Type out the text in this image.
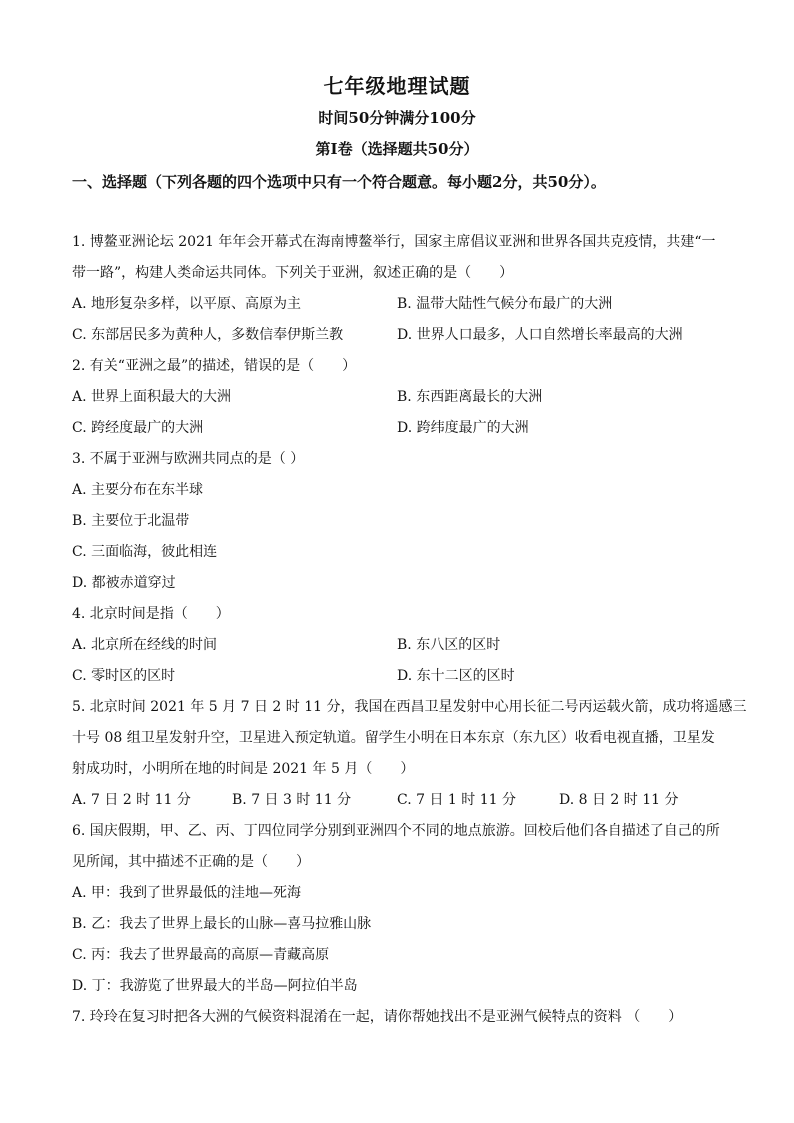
七年级地理试题
时间50分钟满分100分
第Ⅰ卷（选择题共50分）
一、选择题（下列各题的四个选项中只有一个符合题意。每小题2分，共50分）。
1. 博鳌亚洲论坛 2021 年年会开幕式在海南博鳌举行，国家主席倡议亚洲和世界各国共克疫情，共建“一
带一路”，构建人类命运共同体。下列关于亚洲，叙述正确的是（　　）
A. 地形复杂多样，以平原、高原为主	B. 温带大陆性气候分布最广的大洲
C. 东部居民多为黄种人，多数信奉伊斯兰教	D. 世界人口最多，人口自然增长率最高的大洲
2. 有关“亚洲之最”的描述，错误的是（　　）
A. 世界上面积最大的大洲	B. 东西距离最长的大洲
C. 跨经度最广的大洲	D. 跨纬度最广的大洲
3. 不属于亚洲与欧洲共同点的是（ ）
A. 主要分布在东半球
B. 主要位于北温带
C. 三面临海，彼此相连
D. 都被赤道穿过
4. 北京时间是指（　　）
A. 北京所在经线的时间	B. 东八区的区时
C. 零时区的区时	D. 东十二区的区时
5. 北京时间 2021 年 5 月 7 日 2 时 11 分，我国在西昌卫星发射中心用长征二号丙运载火箭，成功将遥感三
十号 08 组卫星发射升空，卫星进入预定轨道。留学生小明在日本东京（东九区）收看电视直播，卫星发
射成功时，小明所在地的时间是 2021 年 5 月（　　）
A. 7 日 2 时 11 分	B. 7 日 3 时 11 分	C. 7 日 1 时 11 分	D. 8 日 2 时 11 分
6. 国庆假期，甲、乙、丙、丁四位同学分别到亚洲四个不同的地点旅游。回校后他们各自描述了自己的所
见所闻，其中描述不正确的是（　　）
A. 甲：我到了世界最低的洼地—死海
B. 乙：我去了世界上最长的山脉—喜马拉雅山脉
C. 丙：我去了世界最高的高原—青藏高原
D. 丁：我游览了世界最大的半岛—阿拉伯半岛
7. 玲玲在复习时把各大洲的气候资料混淆在一起，请你帮她找出不是亚洲气候特点的资料 （　　）
